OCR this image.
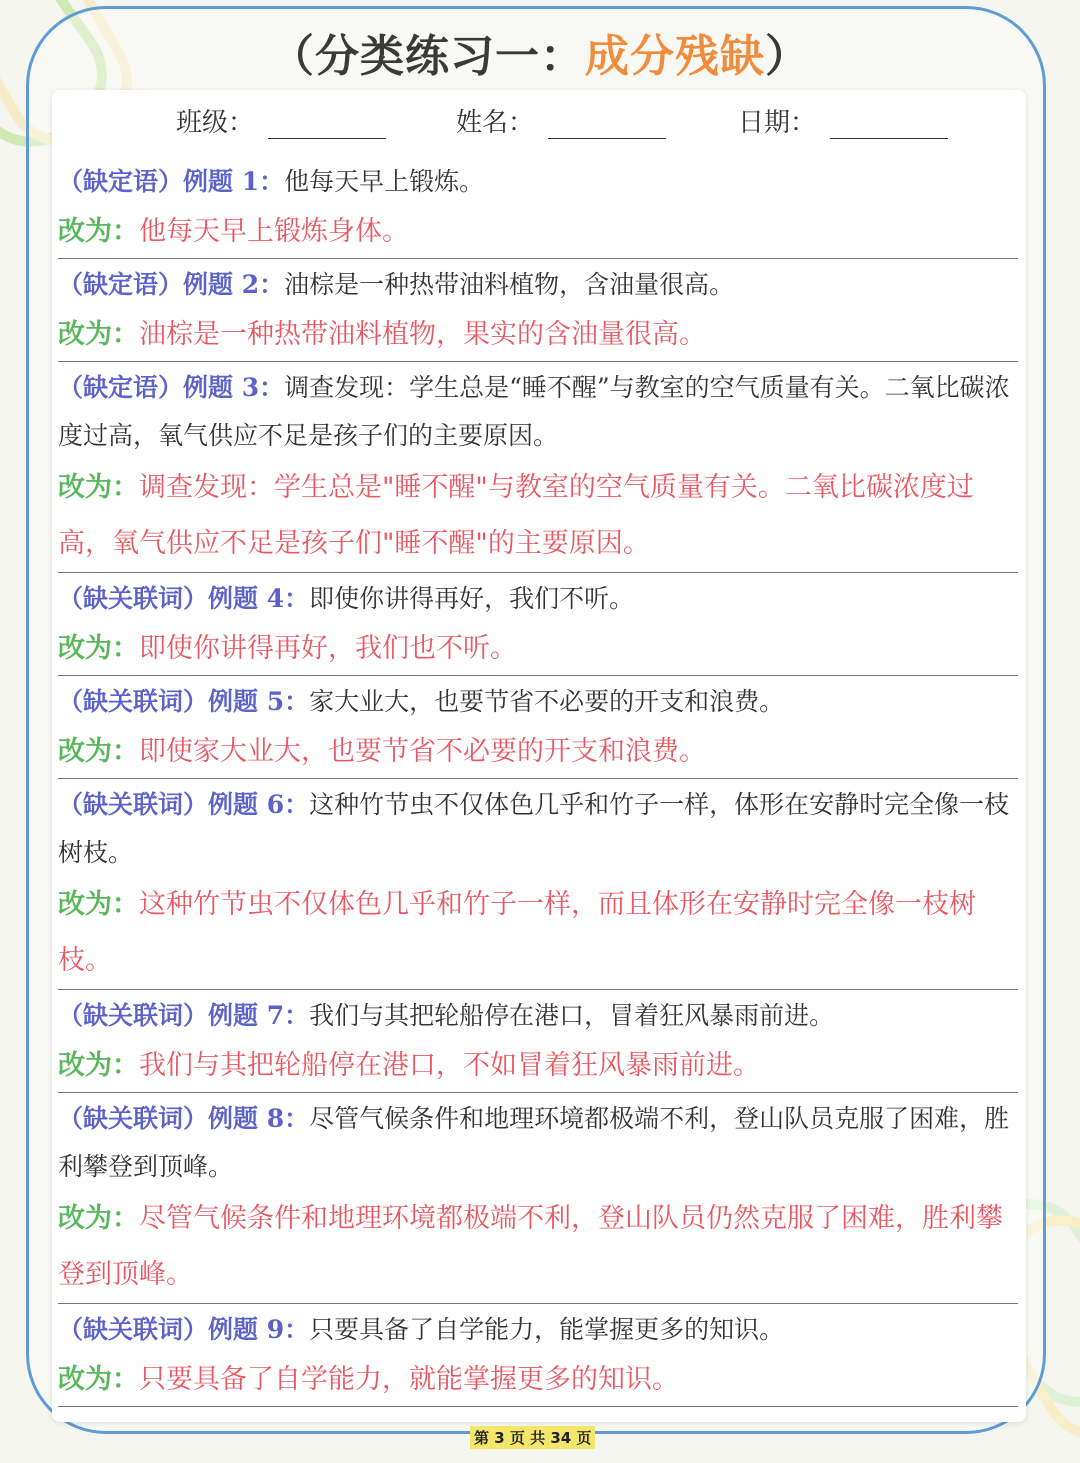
（分类练习一：成分残缺）
班级：	姓名：	日期：

（缺定语）例题 1：他每天早上锻炼。

改为：他每天早上锻炼身体。

（缺定语）例题 2：油棕是一种热带油料植物，含油量很高。

改为：油棕是一种热带油料植物，果实的含油量很高。

（缺定语）例题 3：调查发现：学生总是“睡不醒”与教室的空气质量有关。二氧比碳浓度过高，氧气供应不足是孩子们的主要原因。

改为：调查发现：学生总是"睡不醒"与教室的空气质量有关。二氧比碳浓度过高，氧气供应不足是孩子们"睡不醒"的主要原因。

（缺关联词）例题 4：即使你讲得再好，我们不听。

改为：即使你讲得再好，我们也不听。

（缺关联词）例题 5：家大业大，也要节省不必要的开支和浪费。

改为：即使家大业大，也要节省不必要的开支和浪费。

（缺关联词）例题 6：这种竹节虫不仅体色几乎和竹子一样，体形在安静时完全像一枝树枝。

改为：这种竹节虫不仅体色几乎和竹子一样，而且体形在安静时完全像一枝树枝。

（缺关联词）例题 7：我们与其把轮船停在港口，冒着狂风暴雨前进。

改为：我们与其把轮船停在港口，不如冒着狂风暴雨前进。

（缺关联词）例题 8：尽管气候条件和地理环境都极端不利，登山队员克服了困难，胜利攀登到顶峰。

改为：尽管气候条件和地理环境都极端不利，登山队员仍然克服了困难，胜利攀登到顶峰。

（缺关联词）例题 9：只要具备了自学能力，能掌握更多的知识。

改为：只要具备了自学能力，就能掌握更多的知识。

第 3 页 共 34 页
